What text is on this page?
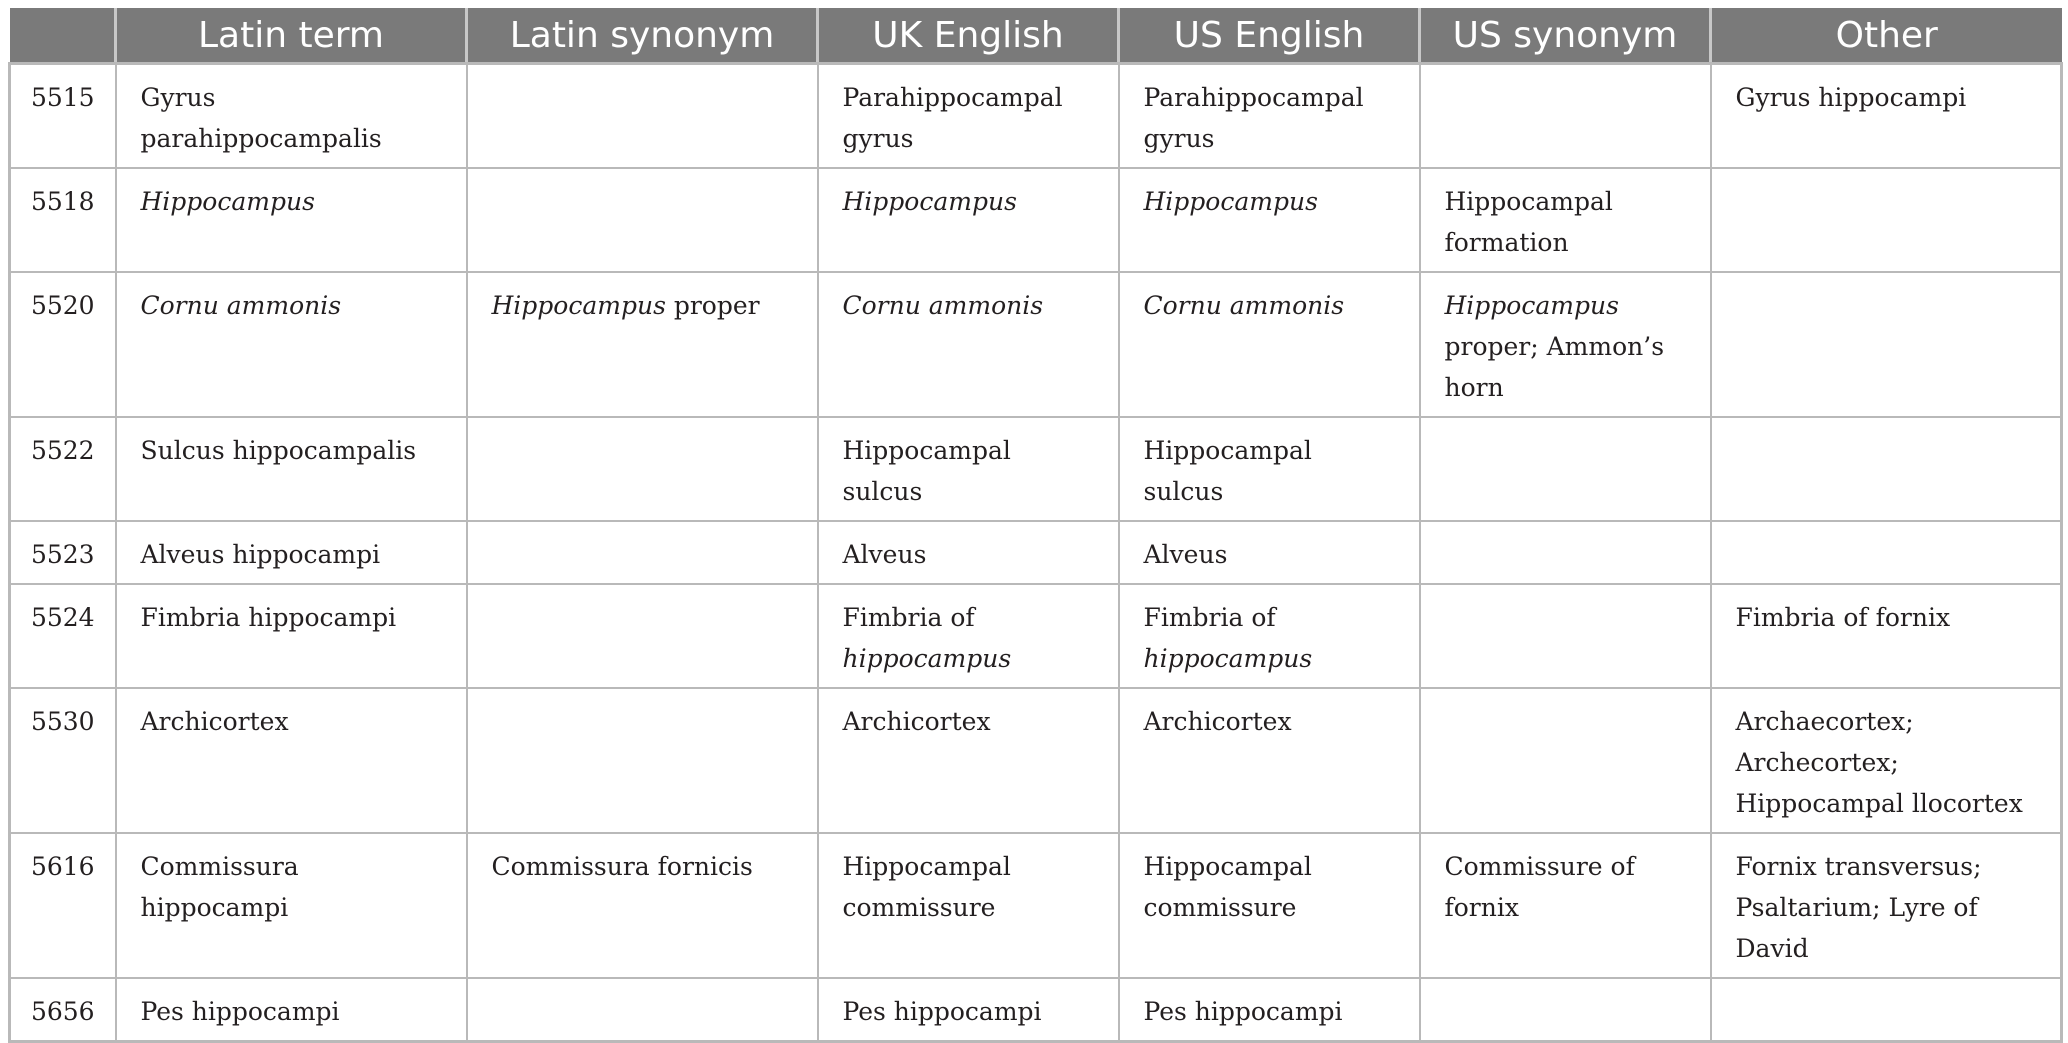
	Latin term	Latin synonym	UK English	US English	US synonym	Other
5515	Gyrus parahippocampalis		Parahippocampal gyrus	Parahippocampal gyrus		Gyrus hippocampi
5518	Hippocampus		Hippocampus	Hippocampus	Hippocampal formation	
5520	Cornu ammonis	Hippocampus proper	Cornu ammonis	Cornu ammonis	Hippocampus proper; Ammon’s horn	
5522	Sulcus hippocampalis		Hippocampal sulcus	Hippocampal sulcus		
5523	Alveus hippocampi		Alveus	Alveus		
5524	Fimbria hippocampi		Fimbria of hippocampus	Fimbria of hippocampus		Fimbria of fornix
5530	Archicortex		Archicortex	Archicortex		Archaecortex; Archecortex; Hippocampal llocortex
5616	Commissura hippocampi	Commissura fornicis	Hippocampal commissure	Hippocampal commissure	Commissure of fornix	Fornix transversus; Psaltarium; Lyre of David
5656	Pes hippocampi		Pes hippocampi	Pes hippocampi		
